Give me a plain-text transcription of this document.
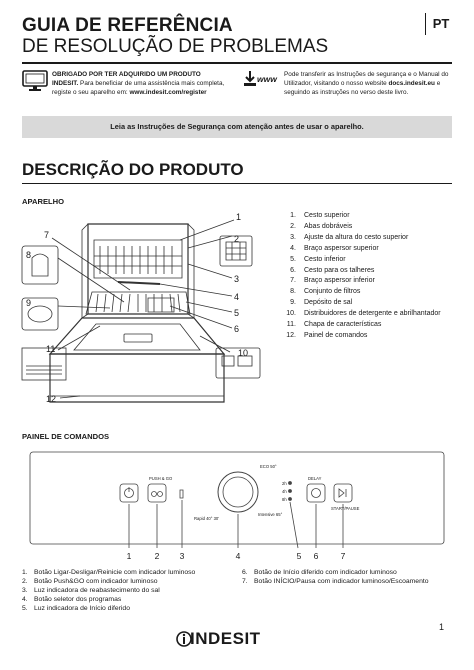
GUIA DE REFERÊNCIA
DE RESOLUÇÃO DE PROBLEMAS
PT
OBRIGADO POR TER ADQUIRIDO UM PRODUTO INDESIT. Para beneficiar de uma assistência mais completa, registe o seu aparelho em: www.indesit.com/register
www Pode transferir as Instruções de segurança e o Manual do Utilizador, visitando o nosso website docs.indesit.eu e seguindo as instruções no verso deste livro.
Leia as Instruções de Segurança com atenção antes de usar o aparelho.
DESCRIÇÃO DO PRODUTO
APARELHO
1
2
3
4
5
6
7
8
9
10
11
12
1. Cesto superior
2. Abas dobráveis
3. Ajuste da altura do cesto superior
4. Braço aspersor superior
5. Cesto inferior
6. Cesto para os talheres
7. Braço aspersor inferior
8. Conjunto de filtros
9. Depósito de sal
10. Distribuidores de detergente e abrilhantador
11. Chapa de características
12. Painel de comandos
PAINEL DE COMANDOS
PUSH & GO
ECO 50°
2h
4h
8h
DELAY
Rapid 40° 30'
Intensive 65°
START/PAUSE
1	2 3	4	5 6	7
1. Botão Ligar-Desligar/Reinicie com indicador luminoso
2. Botão Push&GO com indicador luminoso
3. Luz indicadora de reabastecimento do sal
4. Botão seletor dos programas
5. Luz indicadora de Início diferido
6. Botão de Início diferido com indicador luminoso
7. Botão INÍCIO/Pausa com indicador luminoso/Escoamento
1
INDESIT
